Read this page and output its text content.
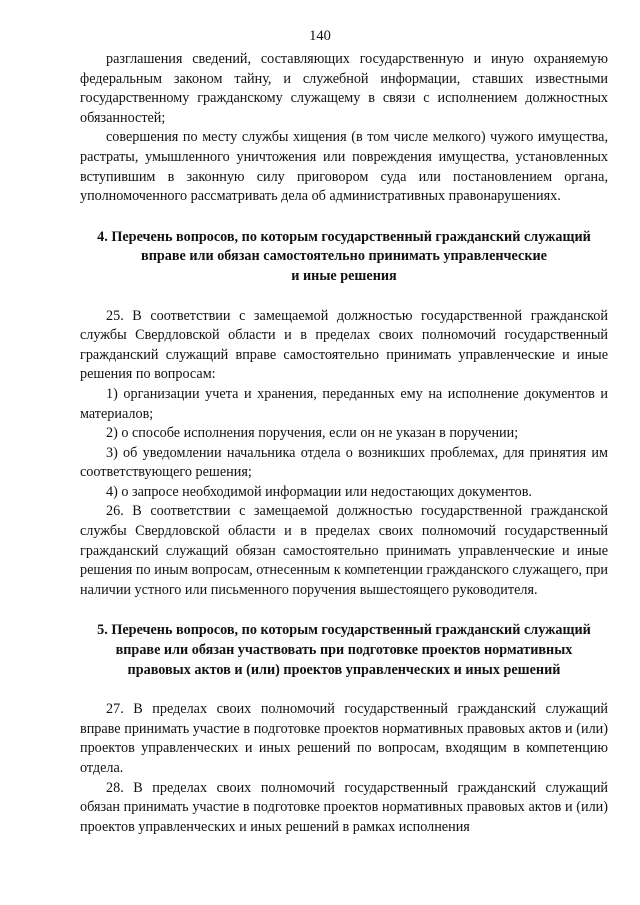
140

разглашения сведений, составляющих государственную и иную охраняемую федеральным законом тайну, и служебной информации, ставших известными государственному гражданскому служащему в связи с исполнением должностных обязанностей;

совершения по месту службы хищения (в том числе мелкого) чужого имущества, растраты, умышленного уничтожения или повреждения имущества, установленных вступившим в законную силу приговором суда или постановлением органа, уполномоченного рассматривать дела об административных правонарушениях.

4. Перечень вопросов, по которым государственный гражданский служащий
вправе или обязан самостоятельно принимать управленческие
и иные решения

25. В соответствии с замещаемой должностью государственной гражданской службы Свердловской области и в пределах своих полномочий государственный гражданский служащий вправе самостоятельно принимать управленческие и иные решения по вопросам:

1) организации учета и хранения, переданных ему на исполнение документов и материалов;

2) о способе исполнения поручения, если он не указан в поручении;

3) об уведомлении начальника отдела о возникших проблемах, для принятия им соответствующего решения;

4) о запросе необходимой информации или недостающих документов.

26. В соответствии с замещаемой должностью государственной гражданской службы Свердловской области и в пределах своих полномочий государственный гражданский служащий обязан самостоятельно принимать управленческие и иные решения по иным вопросам, отнесенным к компетенции гражданского служащего, при наличии устного или письменного поручения вышестоящего руководителя.

5. Перечень вопросов, по которым государственный гражданский служащий
вправе или обязан участвовать при подготовке проектов нормативных
правовых актов и (или) проектов управленческих и иных решений

27. В пределах своих полномочий государственный гражданский служащий вправе принимать участие в подготовке проектов нормативных правовых актов и (или) проектов управленческих и иных решений по вопросам, входящим в компетенцию отдела.

28. В пределах своих полномочий государственный гражданский служащий обязан принимать участие в подготовке проектов нормативных правовых актов и (или) проектов управленческих и иных решений в рамках исполнения
